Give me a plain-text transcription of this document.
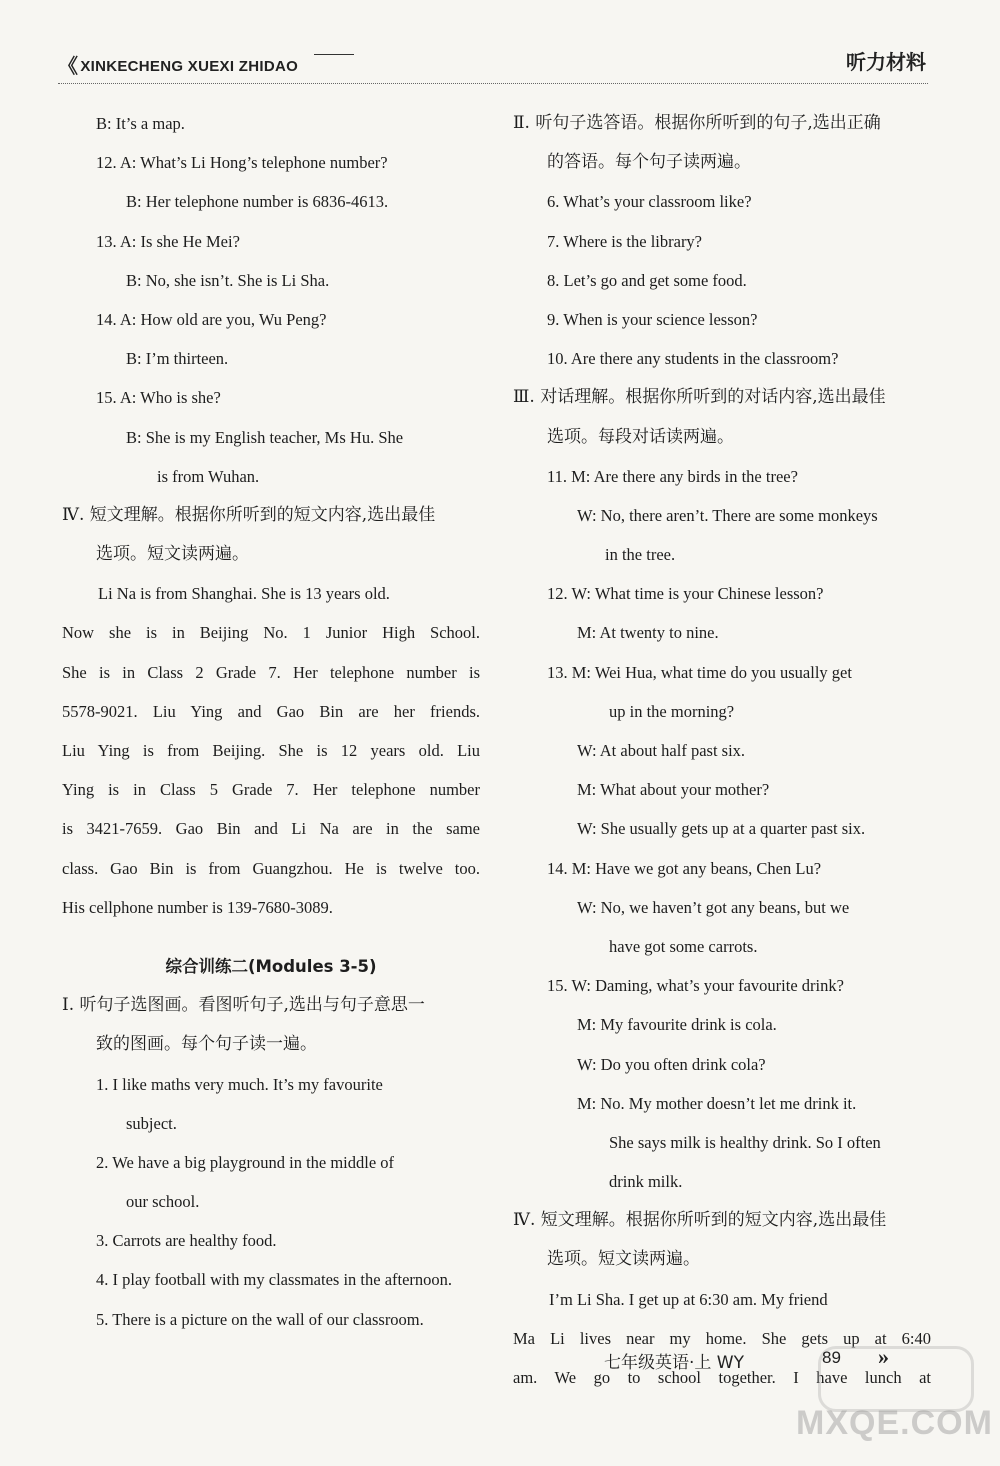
《 XINKECHENG XUEXI ZHIDAO	听力材料
B: It’s a map.
12. A: What’s Li Hong’s telephone number?
B: Her telephone number is 6836-4613.
13. A: Is she He Mei?
B: No, she isn’t. She is Li Sha.
14. A: How old are you, Wu Peng?
B: I’m thirteen.
15. A: Who is she?
B: She is my English teacher, Ms Hu. She
is from Wuhan.
Ⅳ. 短文理解。根据你所听到的短文内容,选出最佳
选项。短文读两遍。
Li Na is from Shanghai. She is 13 years old.
Now she is in Beijing No. 1 Junior High School.
She is in Class 2 Grade 7. Her telephone number is
5578-9021. Liu Ying and Gao Bin are her friends.
Liu Ying is from Beijing. She is 12 years old. Liu
Ying is in Class 5 Grade 7. Her telephone number
is 3421-7659. Gao Bin and Li Na are in the same
class. Gao Bin is from Guangzhou. He is twelve too.
His cellphone number is 139-7680-3089.
综合训练二(Modules 3-5)
Ⅰ. 听句子选图画。看图听句子,选出与句子意思一
致的图画。每个句子读一遍。
1. I like maths very much. It’s my favourite
subject.
2. We have a big playground in the middle of
our school.
3. Carrots are healthy food.
4. I play football with my classmates in the afternoon.
5. There is a picture on the wall of our classroom.
Ⅱ. 听句子选答语。根据你所听到的句子,选出正确
的答语。每个句子读两遍。
6. What’s your classroom like?
7. Where is the library?
8. Let’s go and get some food.
9. When is your science lesson?
10. Are there any students in the classroom?
Ⅲ. 对话理解。根据你所听到的对话内容,选出最佳
选项。每段对话读两遍。
11. M: Are there any birds in the tree?
W: No, there aren’t. There are some monkeys
in the tree.
12. W: What time is your Chinese lesson?
M: At twenty to nine.
13. M: Wei Hua, what time do you usually get
up in the morning?
W: At about half past six.
M: What about your mother?
W: She usually gets up at a quarter past six.
14. M: Have we got any beans, Chen Lu?
W: No, we haven’t got any beans, but we
have got some carrots.
15. W: Daming, what’s your favourite drink?
M: My favourite drink is cola.
W: Do you often drink cola?
M: No. My mother doesn’t let me drink it.
She says milk is healthy drink. So I often
drink milk.
Ⅳ. 短文理解。根据你所听到的短文内容,选出最佳
选项。短文读两遍。
I’m Li Sha. I get up at 6:30 am. My friend
Ma Li lives near my home. She gets up at 6:40
am. We go to school together. I have lunch at
七年级英语·上 WY	89 »
MXQE.COM
